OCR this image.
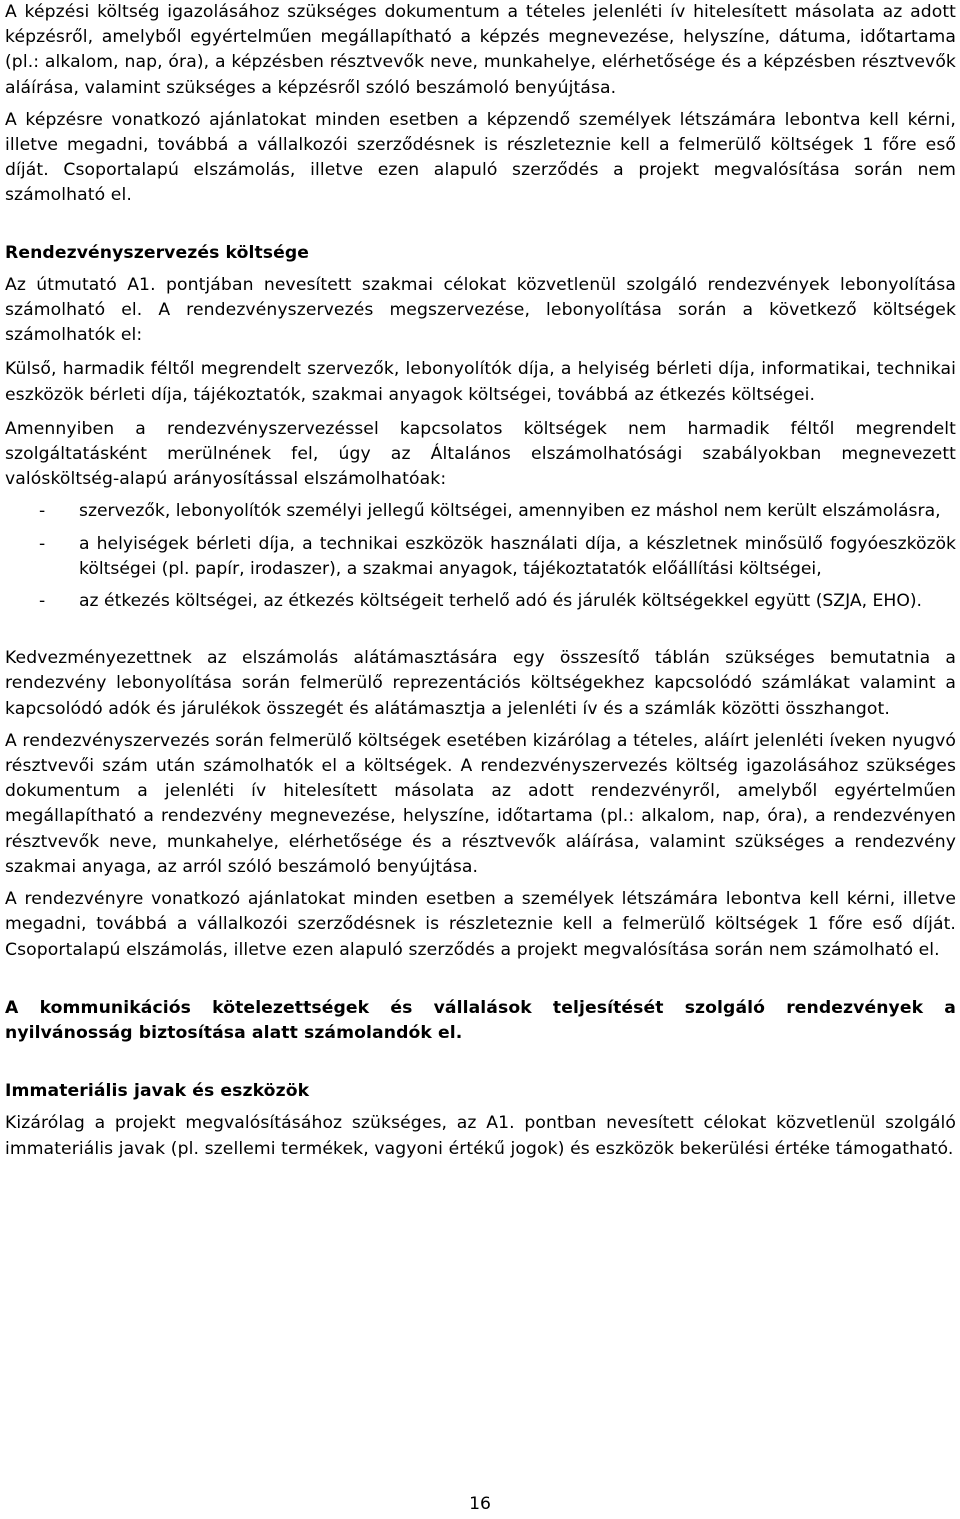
A képzési költség igazolásához szükséges dokumentum a tételes jelenléti ív hitelesített másolata az adott képzésről, amelyből egyértelműen megállapítható a képzés megnevezése, helyszíne, dátuma, időtartama (pl.: alkalom, nap, óra), a képzésben résztvevők neve, munkahelye, elérhetősége és a képzésben résztvevők aláírása, valamint szükséges a képzésről szóló beszámoló benyújtása.

A képzésre vonatkozó ajánlatokat minden esetben a képzendő személyek létszámára lebontva kell kérni, illetve megadni, továbbá a vállalkozói szerződésnek is részleteznie kell a felmerülő költségek 1 főre eső díját. Csoportalapú elszámolás, illetve ezen alapuló szerződés a projekt megvalósítása során nem számolható el.

Rendezvényszervezés költsége

Az útmutató A1. pontjában nevesített szakmai célokat közvetlenül szolgáló rendezvények lebonyolítása számolható el. A rendezvényszervezés megszervezése, lebonyolítása során a következő költségek számolhatók el:

Külső, harmadik féltől megrendelt szervezők, lebonyolítók díja, a helyiség bérleti díja, informatikai, technikai eszközök bérleti díja, tájékoztatók, szakmai anyagok költségei, továbbá az étkezés költségei.

Amennyiben a rendezvényszervezéssel kapcsolatos költségek nem harmadik féltől megrendelt szolgáltatásként merülnének fel, úgy az Általános elszámolhatósági szabályokban megnevezett valósköltség-alapú arányosítással elszámolhatóak:

- szervezők, lebonyolítók személyi jellegű költségei, amennyiben ez máshol nem került elszámolásra,
- a helyiségek bérleti díja, a technikai eszközök használati díja, a készletnek minősülő fogyóeszközök költségei (pl. papír, irodaszer), a szakmai anyagok, tájékoztatatók előállítási költségei,
- az étkezés költségei, az étkezés költségeit terhelő adó és járulék költségekkel együtt (SZJA, EHO).

Kedvezményezettnek az elszámolás alátámasztására egy összesítő táblán szükséges bemutatnia a rendezvény lebonyolítása során felmerülő reprezentációs költségekhez kapcsolódó számlákat valamint a kapcsolódó adók és járulékok összegét és alátámasztja a jelenléti ív és a számlák közötti összhangot.

A rendezvényszervezés során felmerülő költségek esetében kizárólag a tételes, aláírt jelenléti íveken nyugvó résztvevői szám után számolhatók el a költségek. A rendezvényszervezés költség igazolásához szükséges dokumentum a jelenléti ív hitelesített másolata az adott rendezvényről, amelyből egyértelműen megállapítható a rendezvény megnevezése, helyszíne, időtartama (pl.: alkalom, nap, óra), a rendezvényen résztvevők neve, munkahelye, elérhetősége és a résztvevők aláírása, valamint szükséges a rendezvény szakmai anyaga, az arról szóló beszámoló benyújtása.

A rendezvényre vonatkozó ajánlatokat minden esetben a személyek létszámára lebontva kell kérni, illetve megadni, továbbá a vállalkozói szerződésnek is részleteznie kell a felmerülő költségek 1 főre eső díját. Csoportalapú elszámolás, illetve ezen alapuló szerződés a projekt megvalósítása során nem számolható el.

A kommunikációs kötelezettségek és vállalások teljesítését szolgáló rendezvények a nyilvánosság biztosítása alatt számolandók el.
Immateriális javak és eszközök

Kizárólag a projekt megvalósításához szükséges, az A1. pontban nevesített célokat közvetlenül szolgáló immateriális javak (pl. szellemi termékek, vagyoni értékű jogok) és eszközök bekerülési értéke támogatható.

16
